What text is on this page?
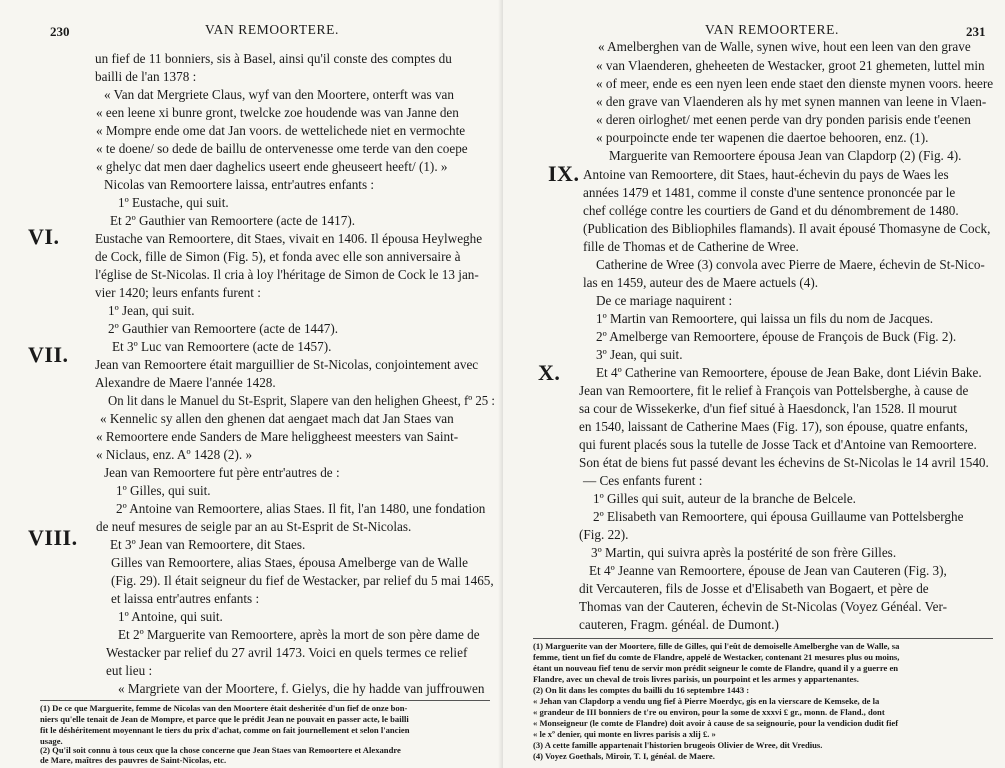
230	VAN REMOORTERE.
VI.
VII.
VIII.
un fief de 11 bonniers, sis à Basel, ainsi qu'il conste des comptes du
bailli de l'an 1378 :
« Van dat Mergriete Claus, wyf van den Moortere, onterft was van
« een leene xi bunre gront, twelcke zoe houdende was van Janne den
« Mompre ende ome dat Jan voors. de wettelichede niet en vermochte
« te doene/ so dede de baillu de ontervenesse ome terde van den coepe
« ghelyc dat men daer daghelics useert ende gheuseert heeft/ (1). »
Nicolas van Remoortere laissa, entr'autres enfants :
1º Eustache, qui suit.
Et 2º Gauthier van Remoortere (acte de 1417).
Eustache van Remoortere, dit Staes, vivait en 1406. Il épousa Heylweghe
de Cock, fille de Simon (Fig. 5), et fonda avec elle son anniversaire à
l'église de St-Nicolas. Il cria à loy l'héritage de Simon de Cock le 13 jan-
vier 1420; leurs enfants furent :
1º Jean, qui suit.
2º Gauthier van Remoortere (acte de 1447).
Et 3º Luc van Remoortere (acte de 1457).
Jean van Remoortere était marguillier de St-Nicolas, conjointement avec
Alexandre de Maere l'année 1428.
On lit dans le Manuel du St-Esprit, Slapere van den helighen Gheest, fº 25 :
« Kennelic sy allen den ghenen dat aengaet mach dat Jan Staes van
« Remoortere ende Sanders de Mare heliggheest meesters van Saint-
« Niclaus, enz. Aº 1428 (2). »
Jean van Remoortere fut père entr'autres de :
1º Gilles, qui suit.
2º Antoine van Remoortere, alias Staes. Il fit, l'an 1480, une fondation
de neuf mesures de seigle par an au St-Esprit de St-Nicolas.
Et 3º Jean van Remoortere, dit Staes.
Gilles van Remoortere, alias Staes, épousa Amelberge van de Walle
(Fig. 29). Il était seigneur du fief de Westacker, par relief du 5 mai 1465,
et laissa entr'autres enfants :
1º Antoine, qui suit.
Et 2º Marguerite van Remoortere, après la mort de son père dame de
Westacker par relief du 27 avril 1473. Voici en quels termes ce relief
eut lieu :
« Margriete van der Moortere, f. Gielys, die hy hadde van juffrouwen
(1) De ce que Marguerite, femme de Nicolas van den Moortere était desheritée d'un fief de onze bon-
niers qu'elle tenait de Jean de Mompre, et parce que le prédit Jean ne pouvait en passer acte, le bailli
fit le déshéritement moyennant le tiers du prix d'achat, comme on fait journellement et selon l'ancien
usage.
(2) Qu'il soit connu à tous ceux que la chose concerne que Jean Staes van Remoortere et Alexandre
de Mare, maîtres des pauvres de Saint-Nicolas, etc.
VAN REMOORTERE.	231
IX.
X.
« Amelberghen van de Walle, synen wive, hout een leen van den grave
« van Vlaenderen, gheheeten de Westacker, groot 21 ghemeten, luttel min
« of meer, ende es een nyen leen ende staet den dienste mynen voors. heere
« den grave van Vlaenderen als hy met synen mannen van leene in Vlaen-
« deren oirloghet/ met eenen perde van dry ponden parisis ende t'eenen
« pourpoincte ende ter wapenen die daertoe behooren, enz. (1).
Marguerite van Remoortere épousa Jean van Clapdorp (2) (Fig. 4).
Antoine van Remoortere, dit Staes, haut-échevin du pays de Waes les
années 1479 et 1481, comme il conste d'une sentence prononcée par le
chef collége contre les courtiers de Gand et du dénombrement de 1480.
(Publication des Bibliophiles flamands). Il avait épousé Thomasyne de Cock,
fille de Thomas et de Catherine de Wree.
Catherine de Wree (3) convola avec Pierre de Maere, échevin de St-Nico-
las en 1459, auteur des de Maere actuels (4).
De ce mariage naquirent :
1º Martin van Remoortere, qui laissa un fils du nom de Jacques.
2º Amelberge van Remoortere, épouse de François de Buck (Fig. 2).
3º Jean, qui suit.
Et 4º Catherine van Remoortere, épouse de Jean Bake, dont Liévin Bake.
Jean van Remoortere, fit le relief à François van Pottelsberghe, à cause de
sa cour de Wissekerke, d'un fief situé à Haesdonck, l'an 1528. Il mourut
en 1540, laissant de Catherine Maes (Fig. 17), son épouse, quatre enfants,
qui furent placés sous la tutelle de Josse Tack et d'Antoine van Remoortere.
Son état de biens fut passé devant les échevins de St-Nicolas le 14 avril 1540.
— Ces enfants furent :
1º Gilles qui suit, auteur de la branche de Belcele.
2º Elisabeth van Remoortere, qui épousa Guillaume van Pottelsberghe
(Fig. 22).
3º Martin, qui suivra après la postérité de son frère Gilles.
Et 4º Jeanne van Remoortere, épouse de Jean van Cauteren (Fig. 3),
dit Vercauteren, fils de Josse et d'Elisabeth van Bogaert, et père de
Thomas van der Cauteren, échevin de St-Nicolas (Voyez Généal. Ver-
cauteren, Fragm. généal. de Dumont.)
(1) Marguerite van der Moortere, fille de Gilles, qui l'eût de demoiselle Amelberghe van de Walle, sa
femme, tient un fief du comte de Flandre, appelé de Westacker, contenant 21 mesures plus ou moins,
étant un nouveau fief tenu de servir mon prédit seigneur le comte de Flandre, quand il y a guerre en
Flandre, avec un cheval de trois livres parisis, un pourpoint et les armes y appartenantes.
(2) On lit dans les comptes du bailli du 16 septembre 1443 :
« Jehan van Clapdorp a vendu ung fief à Pierre Moerdyc, gis en la vierscare de Kemseke, de la
« grandeur de III bonniers de t're ou environ, pour la some de xxxvi £ gr., monn. de Fland., dont
« Monseigneur (le comte de Flandre) doit avoir à cause de sa seignourie, pour la vendicion dudit fief
« le xº denier, qui monte en livres parisis a xlij £. »
(3) A cette famille appartenait l'historien brugeois Olivier de Wree, dit Vredius.
(4) Voyez Goethals, Miroir, T. I, généal. de Maere.
